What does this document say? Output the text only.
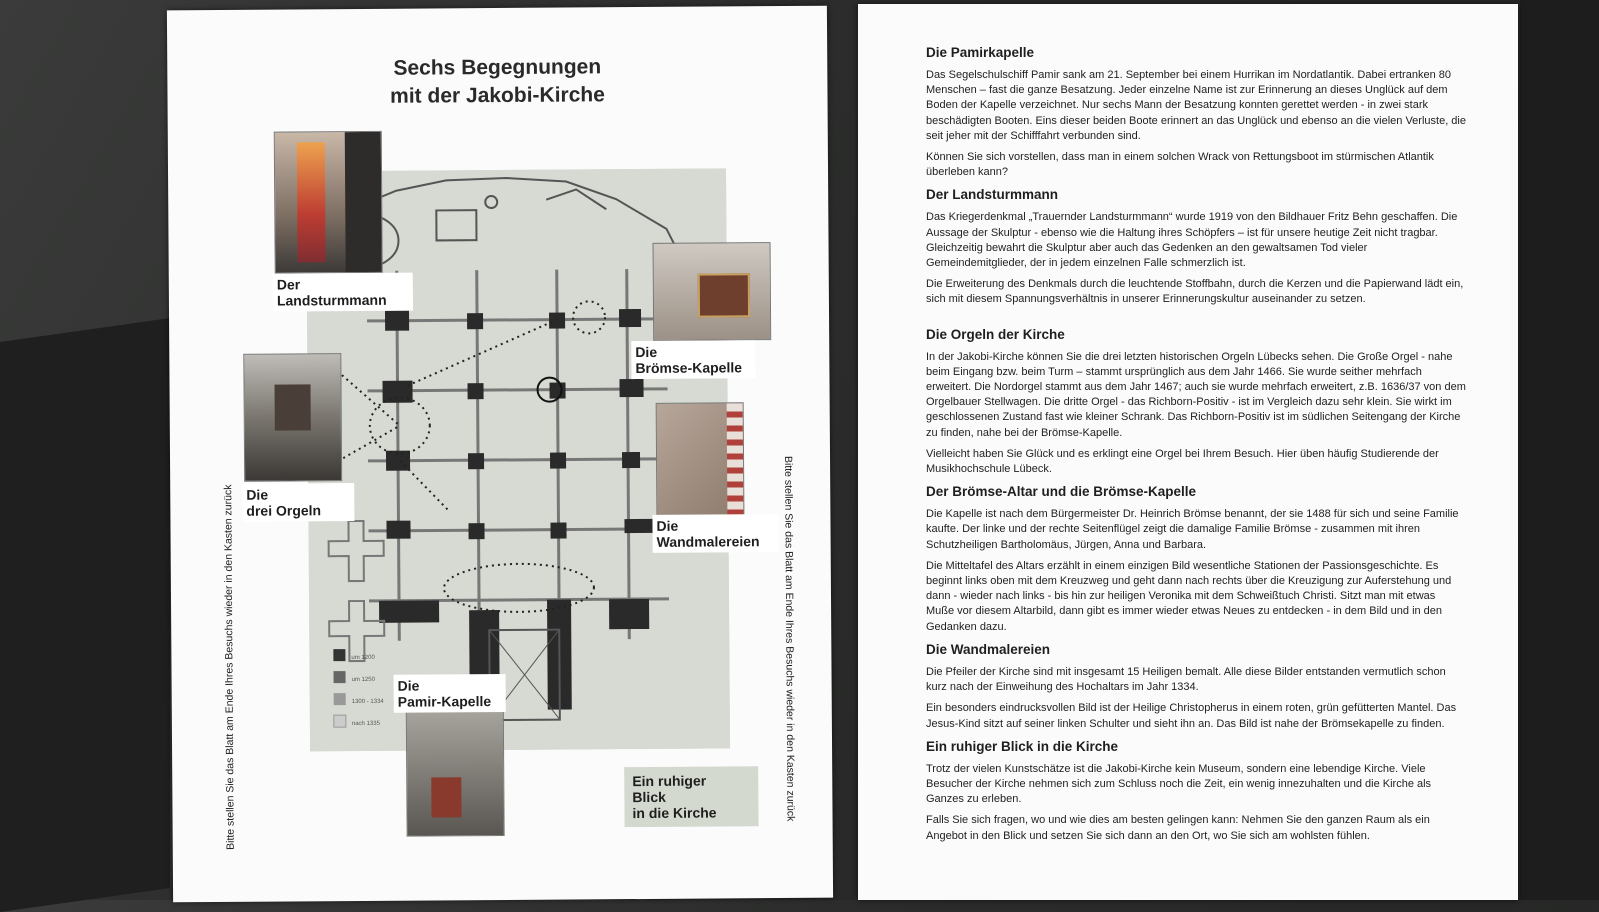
Sechs Begegnungen
mit der Jakobi-Kirche
um 1200
um 1250
1300 - 1334
nach 1335
Der
Landsturmmann
Die
Brömse-Kapelle
Die
drei Orgeln
Die
Wandmalereien
Die
Pamir-Kapelle
Ein ruhiger
Blick
in die Kirche
Bitte stellen Sie das Blatt am Ende Ihres Besuchs wieder in den Kasten zurück	Bitte stellen Sie das Blatt am Ende Ihres Besuchs wieder in den Kasten zurück
Die Pamirkapelle

Das Segelschulschiff Pamir sank am 21. September bei einem Hurrikan im Nordatlantik. Dabei ertranken 80 Menschen – fast die ganze Besatzung. Jeder einzelne Name ist zur Erinnerung an dieses Unglück auf dem Boden der Kapelle verzeichnet. Nur sechs Mann der Besatzung konnten gerettet werden - in zwei stark beschädigten Booten. Eins dieser beiden Boote erinnert an das Unglück und ebenso an die vielen Verluste, die seit jeher mit der Schifffahrt verbunden sind.

Können Sie sich vorstellen, dass man in einem solchen Wrack von Rettungsboot im stürmischen Atlantik überleben kann?

Der Landsturmmann

Das Kriegerdenkmal „Trauernder Landsturmmann“ wurde 1919 von den Bildhauer Fritz Behn geschaffen. Die Aussage der Skulptur - ebenso wie die Haltung ihres Schöpfers – ist für unsere heutige Zeit nicht tragbar. Gleichzeitig bewahrt die Skulptur aber auch das Gedenken an den gewaltsamen Tod vieler Gemeindemitglieder, der in jedem einzelnen Falle schmerzlich ist.

Die Erweiterung des Denkmals durch die leuchtende Stoffbahn, durch die Kerzen und die Papierwand lädt ein, sich mit diesem Spannungsverhältnis in unserer Erinnerungskultur auseinander zu setzen.

Die Orgeln der Kirche

In der Jakobi-Kirche können Sie die drei letzten historischen Orgeln Lübecks sehen. Die Große Orgel - nahe beim Eingang bzw. beim Turm – stammt ursprünglich aus dem Jahr 1466. Sie wurde seither mehrfach erweitert. Die Nordorgel stammt aus dem Jahr 1467; auch sie wurde mehrfach erweitert, z.B. 1636/37 von dem Orgelbauer Stellwagen. Die dritte Orgel - das Richborn-Positiv - ist im Vergleich dazu sehr klein. Sie wirkt im geschlossenen Zustand fast wie kleiner Schrank. Das Richborn-Positiv ist im südlichen Seitengang der Kirche zu finden, nahe bei der Brömse-Kapelle.

Vielleicht haben Sie Glück und es erklingt eine Orgel bei Ihrem Besuch. Hier üben häufig Studierende der Musikhochschule Lübeck.

Der Brömse-Altar und die Brömse-Kapelle

Die Kapelle ist nach dem Bürgermeister Dr. Heinrich Brömse benannt, der sie 1488 für sich und seine Familie kaufte. Der linke und der rechte Seitenflügel zeigt die damalige Familie Brömse - zusammen mit ihren Schutzheiligen Bartholomäus, Jürgen, Anna und Barbara.

Die Mitteltafel des Altars erzählt in einem einzigen Bild wesentliche Stationen der Passionsgeschichte. Es beginnt links oben mit dem Kreuzweg und geht dann nach rechts über die Kreuzigung zur Auferstehung und dann - wieder nach links - bis hin zur heiligen Veronika mit dem Schweißtuch Christi. Sitzt man mit etwas Muße vor diesem Altarbild, dann gibt es immer wieder etwas Neues zu entdecken - in dem Bild und in den Gedanken dazu.

Die Wandmalereien

Die Pfeiler der Kirche sind mit insgesamt 15 Heiligen bemalt. Alle diese Bilder entstanden vermutlich schon kurz nach der Einweihung des Hochaltars im Jahr 1334.

Ein besonders eindrucksvollen Bild ist der Heilige Christopherus in einem roten, grün gefütterten Mantel. Das Jesus-Kind sitzt auf seiner linken Schulter und sieht ihn an. Das Bild ist nahe der Brömsekapelle zu finden.

Ein ruhiger Blick in die Kirche

Trotz der vielen Kunstschätze ist die Jakobi-Kirche kein Museum, sondern eine lebendige Kirche. Viele Besucher der Kirche nehmen sich zum Schluss noch die Zeit, ein wenig innezuhalten und die Kirche als Ganzes zu erleben.

Falls Sie sich fragen, wo und wie dies am besten gelingen kann: Nehmen Sie den ganzen Raum als ein Angebot in den Blick und setzen Sie sich dann an den Ort, wo Sie sich am wohlsten fühlen.
